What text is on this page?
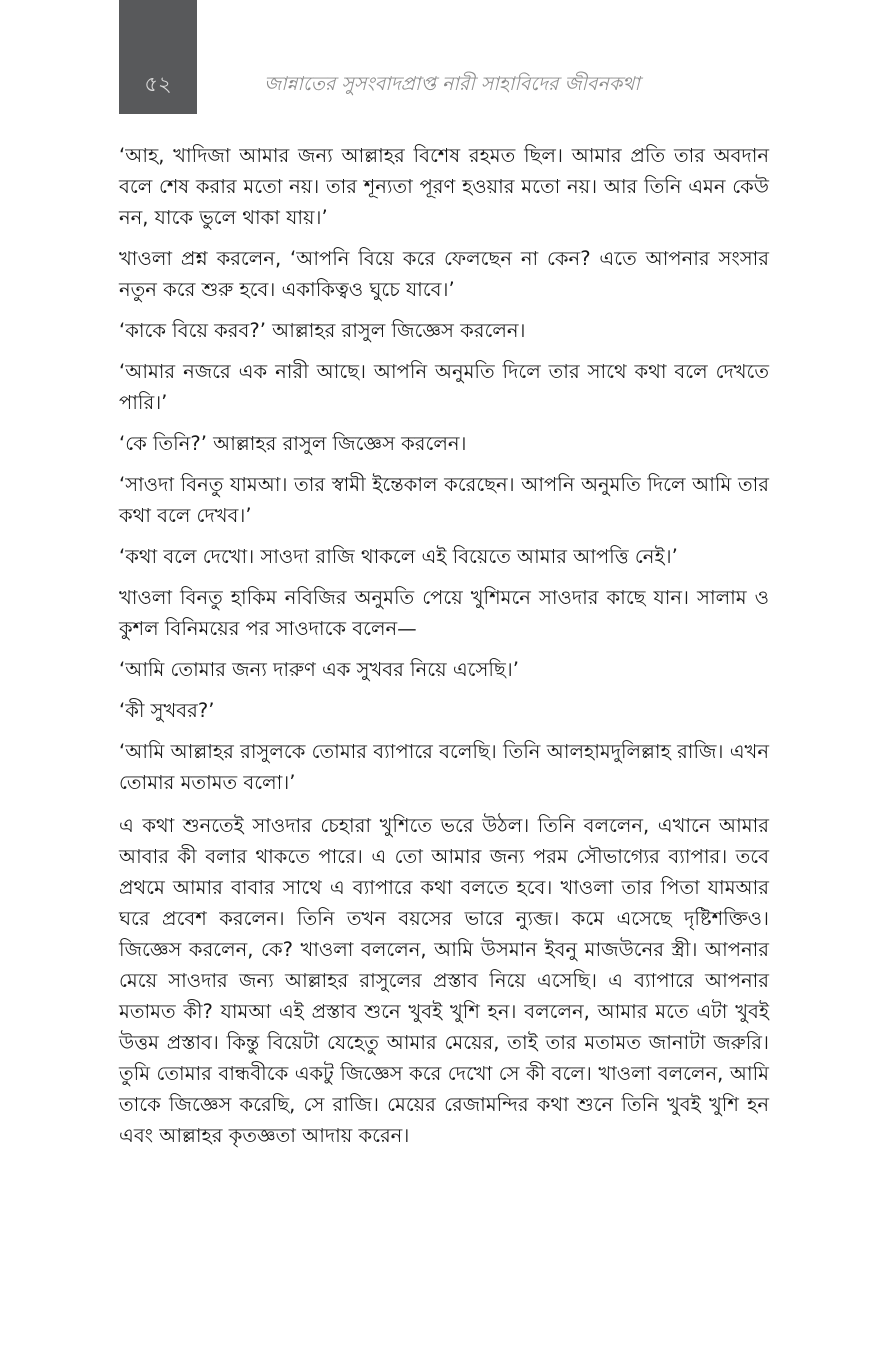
৫২	জান্নাতের সুসংবাদপ্রাপ্ত নারী সাহাবিদের জীবনকথা

‘আহ, খাদিজা আমার জন্য আল্লাহর বিশেষ রহমত ছিল। আমার প্রতি তার অবদান বলে শেষ করার মতো নয়। তার শূন্যতা পূরণ হওয়ার মতো নয়। আর তিনি এমন কেউ নন, যাকে ভুলে থাকা যায়।’

খাওলা প্রশ্ন করলেন, ‘আপনি বিয়ে করে ফেলছেন না কেন? এতে আপনার সংসার নতুন করে শুরু হবে। একাকিত্বও ঘুচে যাবে।’

‘কাকে বিয়ে করব?’ আল্লাহর রাসুল জিজ্ঞেস করলেন।

‘আমার নজরে এক নারী আছে। আপনি অনুমতি দিলে তার সাথে কথা বলে দেখতে পারি।’

‘কে তিনি?’ আল্লাহর রাসুল জিজ্ঞেস করলেন।

‘সাওদা বিনতু যামআ। তার স্বামী ইন্তেকাল করেছেন। আপনি অনুমতি দিলে আমি তার কথা বলে দেখব।’

‘কথা বলে দেখো। সাওদা রাজি থাকলে এই বিয়েতে আমার আপত্তি নেই।’

খাওলা বিনতু হাকিম নবিজির অনুমতি পেয়ে খুশিমনে সাওদার কাছে যান। সালাম ও কুশল বিনিময়ের পর সাওদাকে বলেন—

‘আমি তোমার জন্য দারুণ এক সুখবর নিয়ে এসেছি।’

‘কী সুখবর?’

‘আমি আল্লাহর রাসুলকে তোমার ব্যাপারে বলেছি। তিনি আলহামদুলিল্লাহ রাজি। এখন তোমার মতামত বলো।’

এ কথা শুনতেই সাওদার চেহারা খুশিতে ভরে উঠল। তিনি বললেন, এখানে আমার আবার কী বলার থাকতে পারে। এ তো আমার জন্য পরম সৌভাগ্যের ব্যাপার। তবে প্রথমে আমার বাবার সাথে এ ব্যাপারে কথা বলতে হবে। খাওলা তার পিতা যামআর ঘরে প্রবেশ করলেন। তিনি তখন বয়সের ভারে ন্যুব্জ। কমে এসেছে দৃষ্টিশক্তিও। জিজ্ঞেস করলেন, কে? খাওলা বললেন, আমি উসমান ইবনু মাজউনের স্ত্রী। আপনার মেয়ে সাওদার জন্য আল্লাহর রাসুলের প্রস্তাব নিয়ে এসেছি। এ ব্যাপারে আপনার মতামত কী? যামআ এই প্রস্তাব শুনে খুবই খুশি হন। বললেন, আমার মতে এটা খুবই উত্তম প্রস্তাব। কিন্তু বিয়েটা যেহেতু আমার মেয়ের, তাই তার মতামত জানাটা জরুরি। তুমি তোমার বান্ধবীকে একটু জিজ্ঞেস করে দেখো সে কী বলে। খাওলা বললেন, আমি তাকে জিজ্ঞেস করেছি, সে রাজি। মেয়ের রেজামন্দির কথা শুনে তিনি খুবই খুশি হন এবং আল্লাহর কৃতজ্ঞতা আদায় করেন।
